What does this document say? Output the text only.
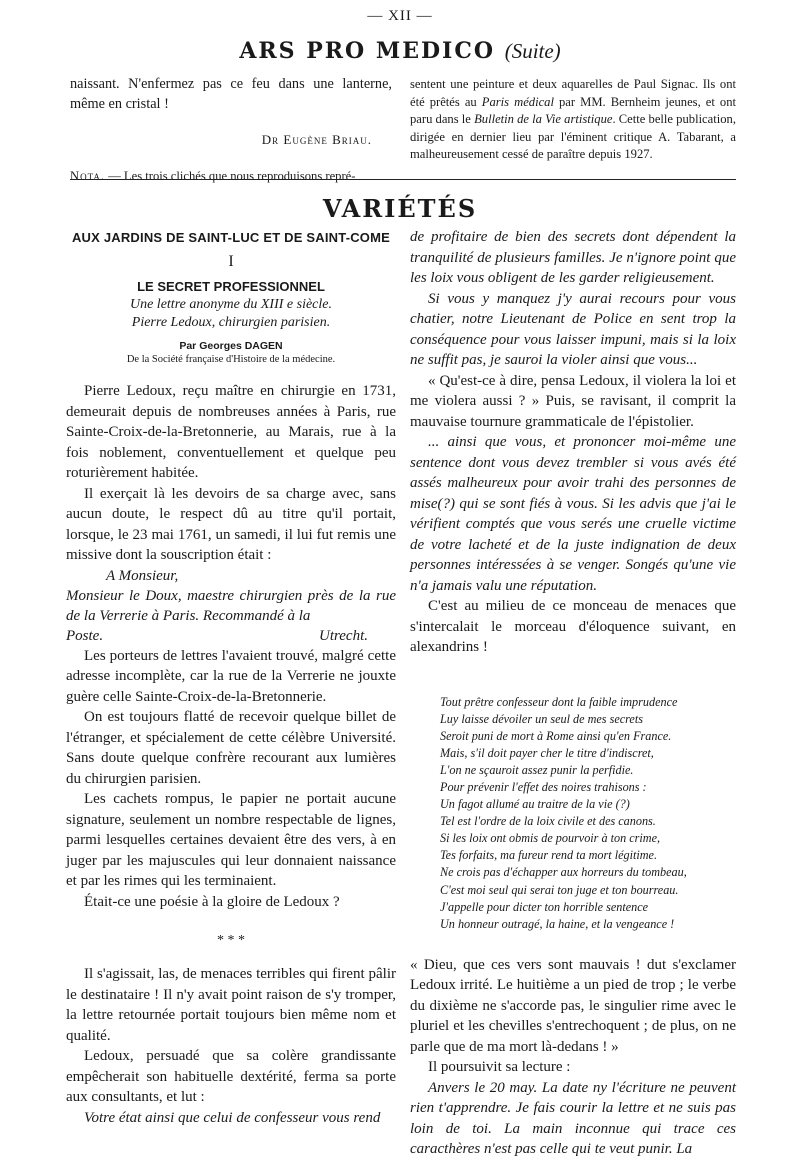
— XII —
ARS PRO MEDICO (Suite)

naissant. N'enfermez pas ce feu dans une lanterne, même en cristal !

Dr Eugène Briau.

Nota. — Les trois clichés que nous reproduisons repré-

sentent une peinture et deux aquarelles de Paul Signac. Ils ont été prêtés au Paris médical par MM. Bernheim jeunes, et ont paru dans le Bulletin de la Vie artistique. Cette belle publication, dirigée en dernier lieu par l'éminent critique A. Tabarant, a malheureusement cessé de paraître depuis 1927.

VARIÉTÉS

AUX JARDINS DE SAINT-LUC ET DE SAINT-COME

I

LE SECRET PROFESSIONNEL

Une lettre anonyme du XIII e siècle.

Pierre Ledoux, chirurgien parisien.

Par Georges DAGEN

De la Société française d'Histoire de la médecine.

Pierre Ledoux, reçu maître en chirurgie en 1731, demeurait depuis de nombreuses années à Paris, rue Sainte-Croix-de-la-Bretonnerie, au Marais, rue à la fois noblement, conventuellement et quelque peu roturièrement habitée.

Il exerçait là les devoirs de sa charge avec, sans aucun doute, le respect dû au titre qu'il portait, lorsque, le 23 mai 1761, un samedi, il lui fut remis une missive dont la souscription était :

A Monsieur,
Monsieur le Doux, maestre chirurgien près de la rue de la Verrerie à Paris. Recommandé à la
Poste.	Utrecht.

Les porteurs de lettres l'avaient trouvé, malgré cette adresse incomplète, car la rue de la Verrerie ne jouxte guère celle Sainte-Croix-de-la-Bretonnerie.

On est toujours flatté de recevoir quelque billet de l'étranger, et spécialement de cette célèbre Université. Sans doute quelque confrère recourant aux lumières du chirurgien parisien.

Les cachets rompus, le papier ne portait aucune signature, seulement un nombre respectable de lignes, parmi lesquelles certaines devaient être des vers, à en juger par les majuscules qui leur donnaient naissance et par les rimes qui les terminaient.

Était-ce une poésie à la gloire de Ledoux ?

* * *

Il s'agissait, las, de menaces terribles qui firent pâlir le destinataire ! Il n'y avait point raison de s'y tromper, la lettre retournée portait toujours bien même nom et qualité.

Ledoux, persuadé que sa colère grandissante empêcherait son habituelle dextérité, ferma sa porte aux consultants, et lut :

Votre état ainsi que celui de confesseur vous rend

de profitaire de bien des secrets dont dépendent la tranquilité de plusieurs familles. Je n'ignore point que les loix vous obligent de les garder religieusement.

Si vous y manquez j'y aurai recours pour vous chatier, notre Lieutenant de Police en sent trop la conséquence pour vous laisser impuni, mais si la loix ne suffit pas, je sauroi la violer ainsi que vous...

« Qu'est-ce à dire, pensa Ledoux, il violera la loi et me violera aussi ? » Puis, se ravisant, il comprit la mauvaise tournure grammaticale de l'épistolier.

... ainsi que vous, et prononcer moi-même une sentence dont vous devez trembler si vous avés été assés malheureux pour avoir trahi des personnes de mise(?) qui se sont fiés à vous. Si les advis que j'ai le vérifient comptés que vous serés une cruelle victime de votre lacheté et de la juste indignation de deux personnes intéressées à se venger. Songés qu'une vie n'a jamais valu une réputation.

C'est au milieu de ce monceau de menaces que s'intercalait le morceau d'éloquence suivant, en alexandrins !

Tout prêtre confesseur dont la faible imprudence
Luy laisse dévoiler un seul de mes secrets
Seroit puni de mort à Rome ainsi qu'en France.
Mais, s'il doit payer cher le titre d'indiscret,
L'on ne sçauroit assez punir la perfidie.
Pour prévenir l'effet des noires trahisons :
Un fagot allumé au traitre de la vie (?)
Tel est l'ordre de la loix civile et des canons.
Si les loix ont obmis de pourvoir à ton crime,
Tes forfaits, ma fureur rend ta mort légitime.
Ne crois pas d'échapper aux horreurs du tombeau,
C'est moi seul qui serai ton juge et ton bourreau.
J'appelle pour dicter ton horrible sentence
Un honneur outragé, la haine, et la vengeance !

« Dieu, que ces vers sont mauvais ! dut s'exclamer Ledoux irrité. Le huitième a un pied de trop ; le verbe du dixième ne s'accorde pas, le singulier rime avec le pluriel et les chevilles s'entrechoquent ; de plus, on ne parle que de ma mort là-dedans ! »

Il poursuivit sa lecture :

Anvers le 20 may. La date ny l'écriture ne peuvent rien t'apprendre. Je fais courir la lettre et ne suis pas loin de toi. La main inconnue qui trace ces caracthères n'est pas celle qui te veut punir. La
